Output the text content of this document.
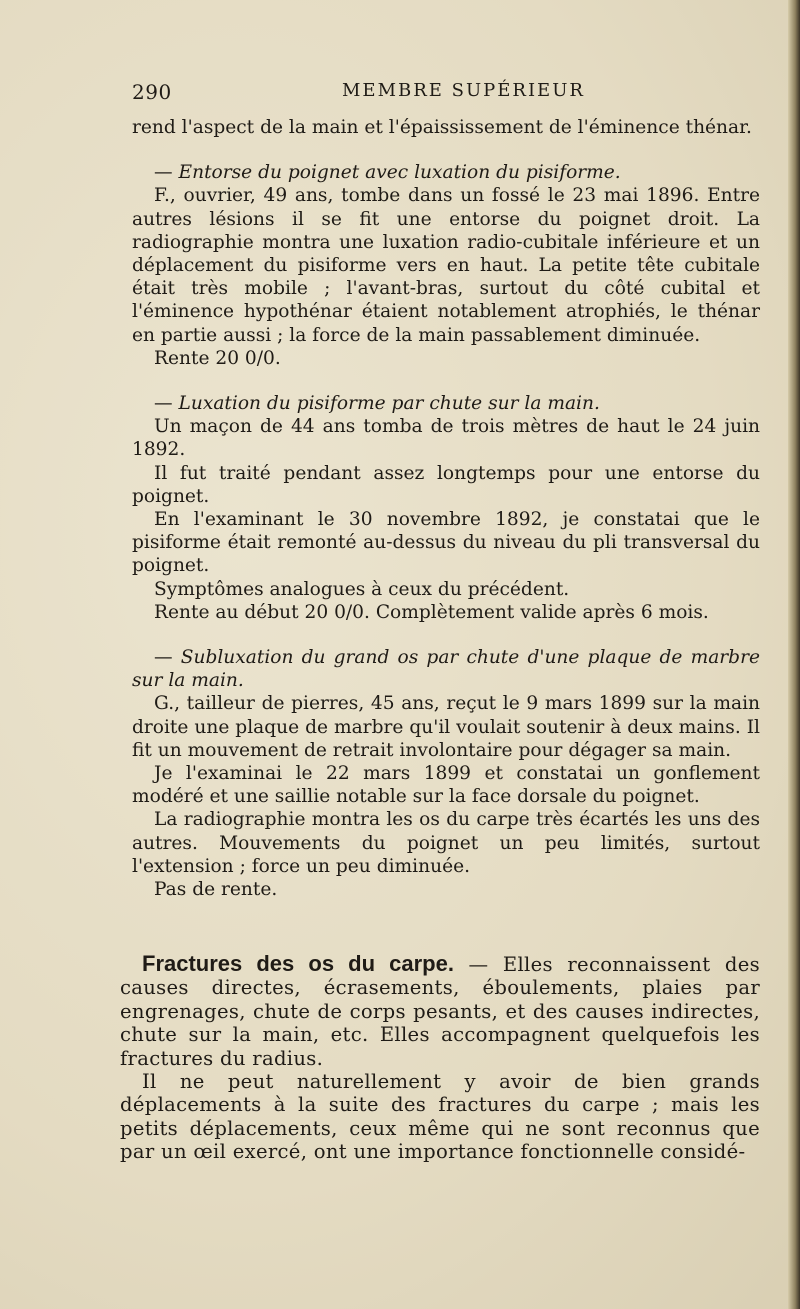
290	MEMBRE SUPÉRIEUR

rend l'aspect de la main et l'épaississement de l'éminence thénar.

— Entorse du poignet avec luxation du pisiforme.

F., ouvrier, 49 ans, tombe dans un fossé le 23 mai 1896. Entre autres lésions il se fit une entorse du poignet droit. La radiographie montra une luxation radio-cubitale inférieure et un déplacement du pisiforme vers en haut. La petite tête cubitale était très mobile ; l'avant-bras, surtout du côté cubital et l'éminence hypothénar étaient notablement atrophiés, le thénar en partie aussi ; la force de la main passablement diminuée.

Rente 20 0/0.

— Luxation du pisiforme par chute sur la main.

Un maçon de 44 ans tomba de trois mètres de haut le 24 juin 1892.

Il fut traité pendant assez longtemps pour une entorse du poignet.

En l'examinant le 30 novembre 1892, je constatai que le pisiforme était remonté au-dessus du niveau du pli transversal du poignet.

Symptômes analogues à ceux du précédent.

Rente au début 20 0/0. Complètement valide après 6 mois.

— Subluxation du grand os par chute d'une plaque de marbre sur la main.

G., tailleur de pierres, 45 ans, reçut le 9 mars 1899 sur la main droite une plaque de marbre qu'il voulait soutenir à deux mains. Il fit un mouvement de retrait involontaire pour dégager sa main.

Je l'examinai le 22 mars 1899 et constatai un gonflement modéré et une saillie notable sur la face dorsale du poignet.

La radiographie montra les os du carpe très écartés les uns des autres. Mouvements du poignet un peu limités, surtout l'extension ; force un peu diminuée.

Pas de rente.

Fractures des os du carpe. — Elles reconnaissent des causes directes, écrasements, éboulements, plaies par engrenages, chute de corps pesants, et des causes indirectes, chute sur la main, etc. Elles accompagnent quelquefois les fractures du radius.

Il ne peut naturellement y avoir de bien grands déplacements à la suite des fractures du carpe ; mais les petits déplacements, ceux même qui ne sont reconnus que par un œil exercé, ont une importance fonctionnelle considé-
